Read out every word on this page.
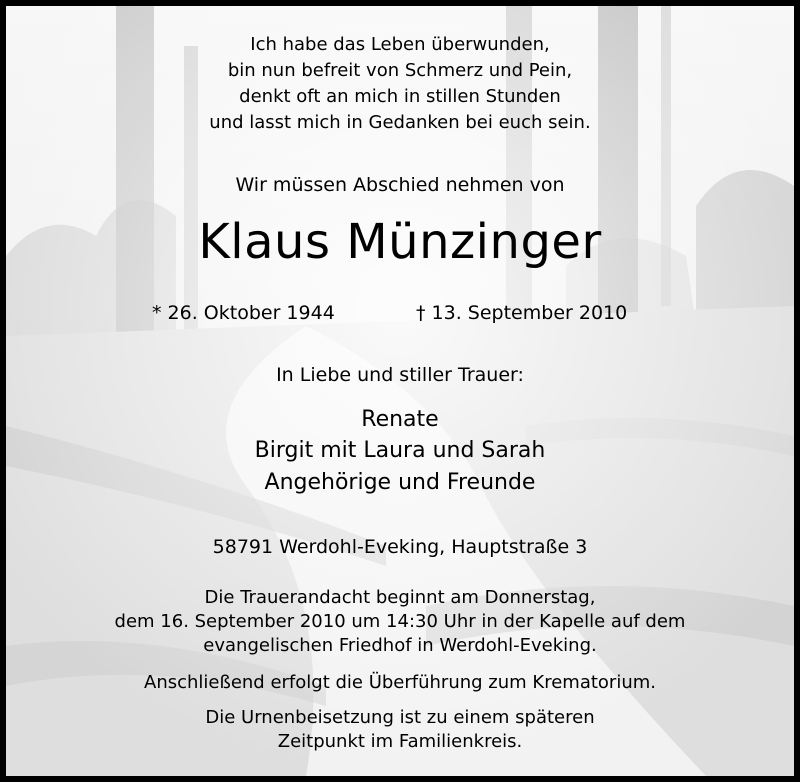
Ich habe das Leben überwunden,
bin nun befreit von Schmerz und Pein,
denkt oft an mich in stillen Stunden
und lasst mich in Gedanken bei euch sein.
Wir müssen Abschied nehmen von
Klaus Münzinger
* 26. Oktober 1944	† 13. September 2010
In Liebe und stiller Trauer:
Renate
Birgit mit Laura und Sarah
Angehörige und Freunde
58791 Werdohl-Eveking, Hauptstraße 3
Die Trauerandacht beginnt am Donnerstag,
dem 16. September 2010 um 14:30 Uhr in der Kapelle auf dem
evangelischen Friedhof in Werdohl-Eveking.
Anschließend erfolgt die Überführung zum Krematorium.
Die Urnenbeisetzung ist zu einem späteren
Zeitpunkt im Familienkreis.
